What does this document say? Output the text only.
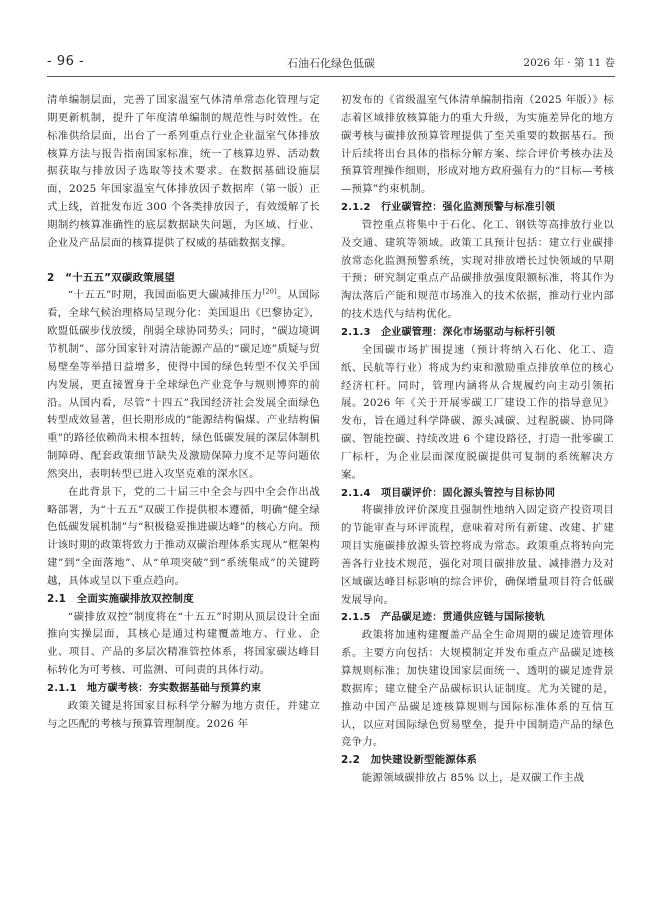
- 96 -	石油石化绿色低碳	2026 年 · 第 11 卷

清单编制层面，完善了国家温室气体清单常态化管理与定期更新机制，提升了年度清单编制的规范性与时效性。在标准供给层面，出台了一系列重点行业企业温室气体排放核算方法与报告指南国家标准，统一了核算边界、活动数据获取与排放因子选取等技术要求。在数据基础设施层面，2025 年国家温室气体排放因子数据库（第一版）正式上线，首批发布近 300 个各类排放因子，有效缓解了长期制约核算准确性的底层数据缺失问题，为区域、行业、企业及产品层面的核算提供了权威的基础数据支撑。

2　“十五五”双碳政策展望

“十五五”时期，我国面临更大碳减排压力[20]。从国际看，全球气候治理格局呈现分化：美国退出《巴黎协定》，欧盟低碳步伐放缓，削弱全球协同势头；同时，“碳边境调节机制”、部分国家针对清洁能源产品的“碳足迹”质疑与贸易壁垒等举措日益增多，使得中国的绿色转型不仅关乎国内发展，更直接置身于全球绿色产业竞争与规则博弈的前沿。从国内看，尽管“十四五”我国经济社会发展全面绿色转型成效显著，但长期形成的“能源结构偏煤、产业结构偏重”的路径依赖尚未根本扭转，绿色低碳发展的深层体制机制障碍、配套政策细节缺失及激励保障力度不足等问题依然突出，表明转型已进入攻坚克难的深水区。

在此背景下，党的二十届三中全会与四中全会作出战略部署，为“十五五”双碳工作提供根本遵循，明确“健全绿色低碳发展机制”与“积极稳妥推进碳达峰”的核心方向。预计该时期的政策将致力于推动双碳治理体系实现从“框架构建”到“全面落地”、从“单项突破”到“系统集成”的关键跨越，具体或呈以下重点趋向。

2.1　全面实施碳排放双控制度

“碳排放双控”制度将在“十五五”时期从顶层设计全面推向实操层面，其核心是通过构建覆盖地方、行业、企业、项目、产品的多层次精准管控体系，将国家碳达峰目标转化为可考核、可监测、可问责的具体行动。

2.1.1　地方碳考核：夯实数据基础与预算约束

政策关键是将国家目标科学分解为地方责任，并建立与之匹配的考核与预算管理制度。2026 年

初发布的《省级温室气体清单编制指南（2025 年版）》标志着区域排放核算能力的重大升级，为实施差异化的地方碳考核与碳排放预算管理提供了至关重要的数据基石。预计后续将出台具体的指标分解方案、综合评价考核办法及预算管理操作细则，形成对地方政府强有力的“目标—考核—预算”约束机制。

2.1.2　行业碳管控：强化监测预警与标准引领

管控重点将集中于石化、化工、钢铁等高排放行业以及交通、建筑等领域。政策工具预计包括：建立行业碳排放常态化监测预警系统，实现对排放增长过快领域的早期干预；研究制定重点产品碳排放强度限额标准，将其作为淘汰落后产能和规范市场准入的技术依据，推动行业内部的技术迭代与结构优化。

2.1.3　企业碳管理：深化市场驱动与标杆引领

全国碳市场扩围提速（预计将纳入石化、化工、造纸、民航等行业）将成为约束和激励重点排放单位的核心经济杠杆。同时，管理内涵将从合规履约向主动引领拓展。2026 年《关于开展零碳工厂建设工作的指导意见》发布，旨在通过科学降碳、源头减碳、过程脱碳、协同降碳、智能控碳、持续改进 6 个建设路径，打造一批零碳工厂标杆，为企业层面深度脱碳提供可复制的系统解决方案。

2.1.4　项目碳评价：固化源头管控与目标协同

将碳排放评价深度且强制性地纳入固定资产投资项目的节能审查与环评流程，意味着对所有新建、改建、扩建项目实施碳排放源头管控将成为常态。政策重点将转向完善各行业技术规范，强化对项目碳排放量、减排潜力及对区域碳达峰目标影响的综合评价，确保增量项目符合低碳发展导向。

2.1.5　产品碳足迹：贯通供应链与国际接轨

政策将加速构建覆盖产品全生命周期的碳足迹管理体系。主要方向包括：大规模制定并发布重点产品碳足迹核算规则标准；加快建设国家层面统一、透明的碳足迹背景数据库；建立健全产品碳标识认证制度。尤为关键的是，推动中国产品碳足迹核算规则与国际标准体系的互信互认，以应对国际绿色贸易壁垒，提升中国制造产品的绿色竞争力。

2.2　加快建设新型能源体系

能源领域碳排放占 85% 以上，是双碳工作主战
